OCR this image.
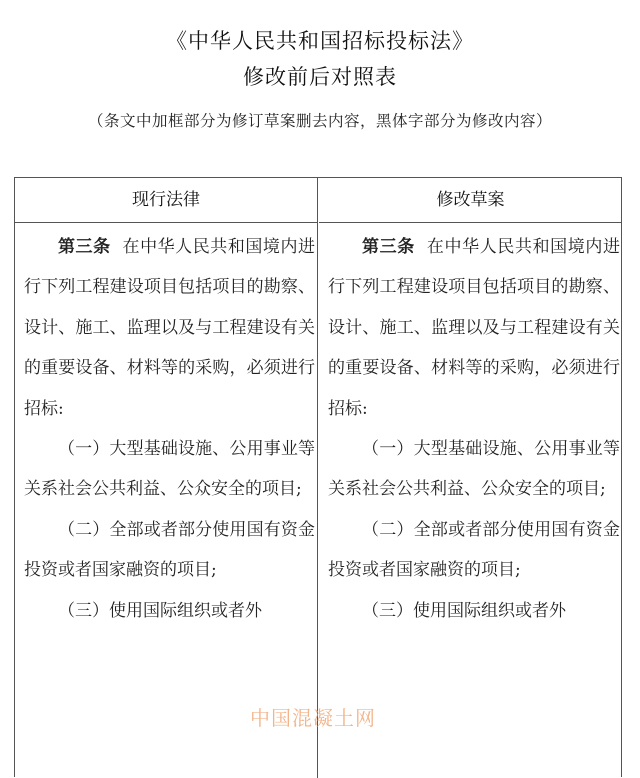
《中华人民共和国招标投标法》
修改前后对照表
（条文中加框部分为修订草案删去内容，黑体字部分为修改内容）
现行法律

第三条 在中华人民共和国境内进行下列工程建设项目包括项目的勘察、设计、施工、监理以及与工程建设有关的重要设备、材料等的采购，必须进行招标:

（一）大型基础设施、公用事业等关系社会公共利益、公众安全的项目;

（二）全部或者部分使用国有资金投资或者国家融资的项目;

（三）使用国际组织或者外

修改草案

第三条 在中华人民共和国境内进行下列工程建设项目包括项目的勘察、设计、施工、监理以及与工程建设有关的重要设备、材料等的采购，必须进行招标:

（一）大型基础设施、公用事业等关系社会公共利益、公众安全的项目;

（二）全部或者部分使用国有资金投资或者国家融资的项目;

（三）使用国际组织或者外

中国混凝土网
